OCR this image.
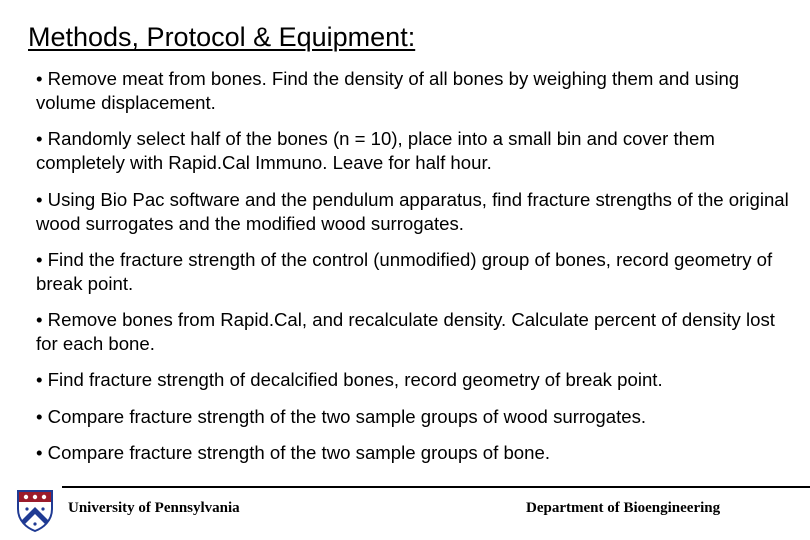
Methods, Protocol & Equipment:
• Remove meat from bones. Find the density of all bones by weighing them and using volume displacement.
• Randomly select half of the bones (n = 10), place into a small bin and cover them completely with Rapid.Cal Immuno. Leave for half hour.
• Using Bio Pac software and the pendulum apparatus, find fracture strengths of the original wood surrogates and the modified wood surrogates.
• Find the fracture strength of the control (unmodified) group of bones, record geometry of break point.
• Remove bones from Rapid.Cal, and recalculate density. Calculate percent of density lost for each bone.
• Find fracture strength of decalcified bones, record geometry of break point.
• Compare fracture strength of the two sample groups of wood surrogates.
• Compare fracture strength of the two sample groups of bone.
University of Pennsylvania	Department of Bioengineering
